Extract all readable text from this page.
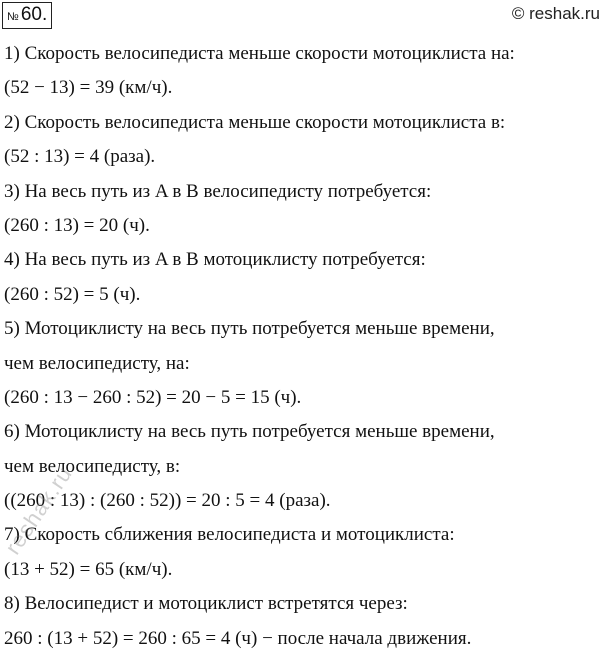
№ 60.	© reshak.ru
1) Скорость велосипедиста меньше скорости мотоциклиста на:
(52 − 13) = 39 (км/ч).
2) Скорость велосипедиста меньше скорости мотоциклиста в:
(52 : 13) = 4 (раза).
3) На весь путь из A в B велосипедисту потребуется:
(260 : 13) = 20 (ч).
4) На весь путь из A в B мотоциклисту потребуется:
(260 : 52) = 5 (ч).
5) Мотоциклисту на весь путь потребуется меньше времени,
чем велосипедисту, на:
(260 : 13 − 260 : 52) = 20 − 5 = 15 (ч).
6) Мотоциклисту на весь путь потребуется меньше времени,
чем велосипедисту, в:
((260 : 13) : (260 : 52)) = 20 : 5 = 4 (раза).
7) Скорость сближения велосипедиста и мотоциклиста:
(13 + 52) = 65 (км/ч).
8) Велосипедист и мотоциклист встретятся через:
260 : (13 + 52) = 260 : 65 = 4 (ч) − после начала движения.
reshak.ru
